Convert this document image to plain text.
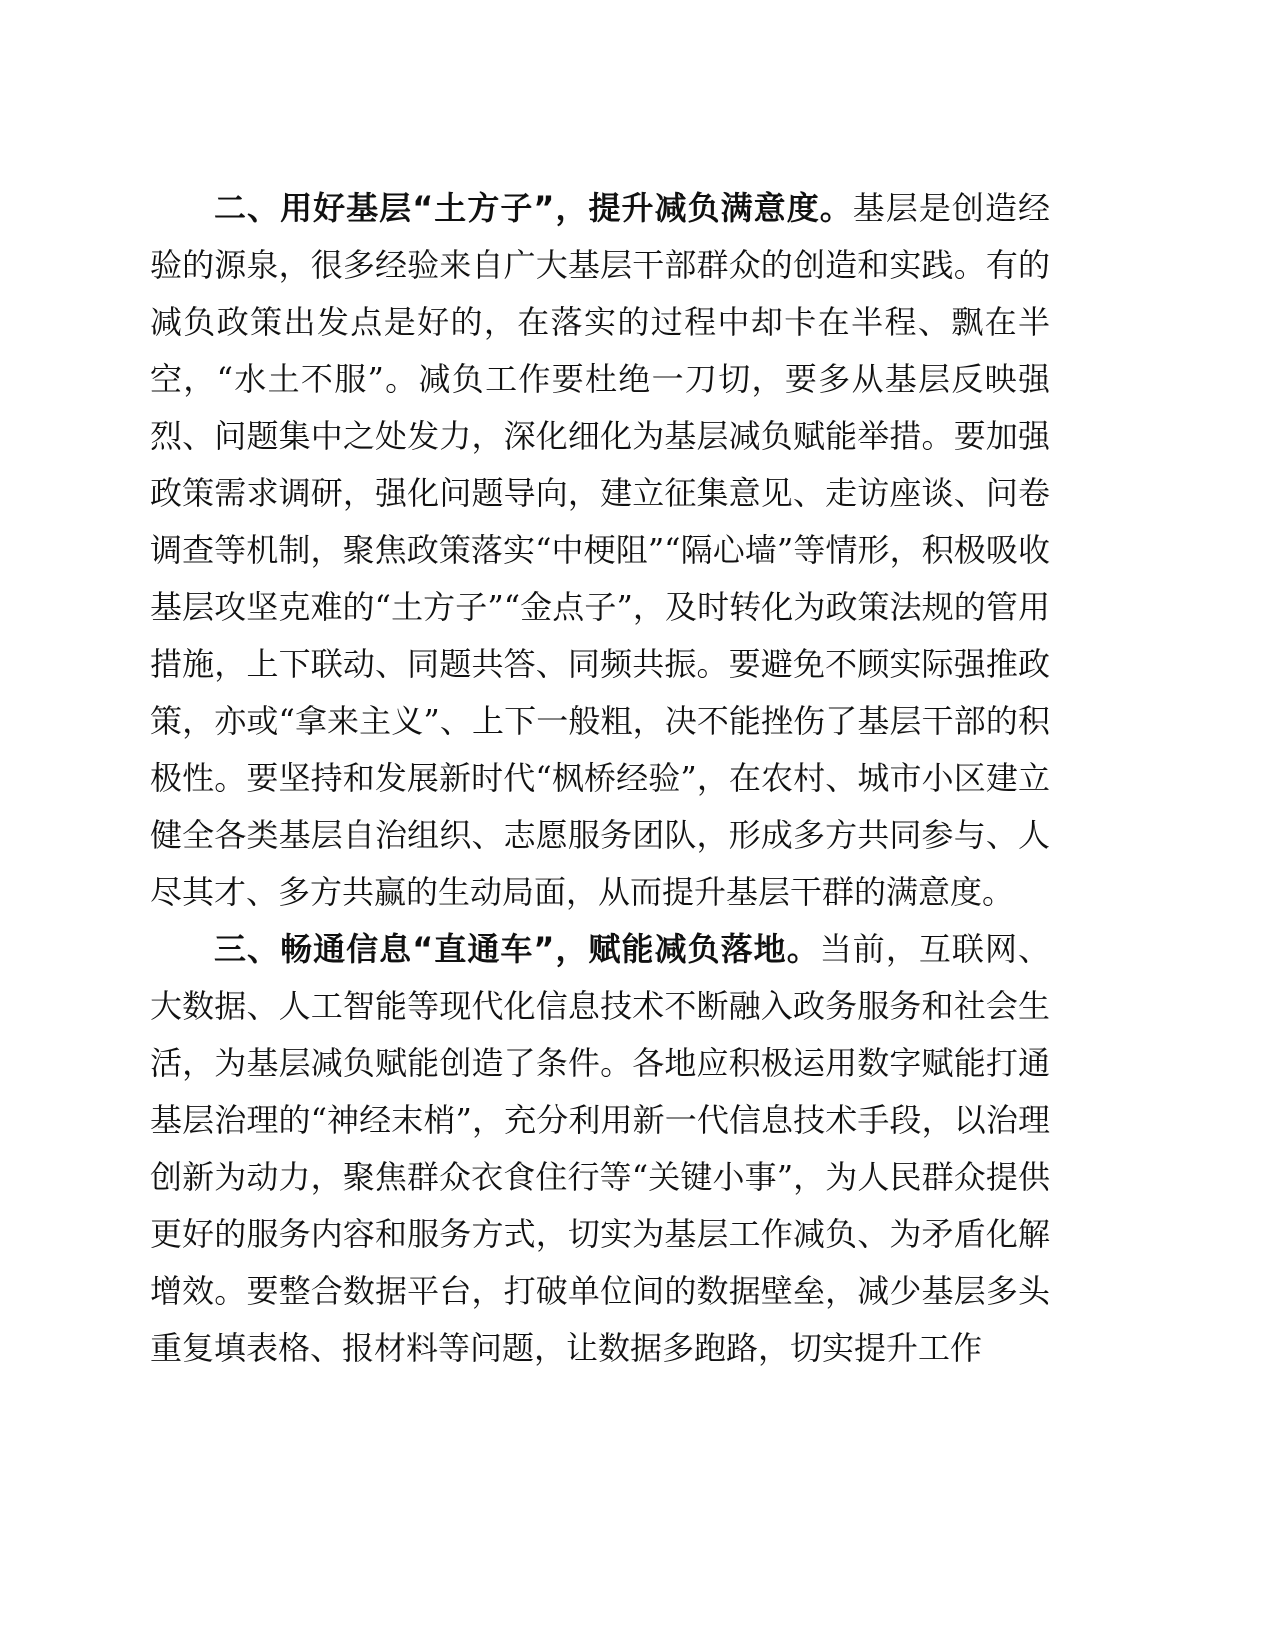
二、用好基层“土方子”，提升减负满意度。基层是创造经验的源泉，很多经验来自广大基层干部群众的创造和实践。有的减负政策出发点是好的，在落实的过程中却卡在半程、飘在半空，“水土不服”。减负工作要杜绝一刀切，要多从基层反映强烈、问题集中之处发力，深化细化为基层减负赋能举措。要加强政策需求调研，强化问题导向，建立征集意见、走访座谈、问卷调查等机制，聚焦政策落实“中梗阻”“隔心墙”等情形，积极吸收基层攻坚克难的“土方子”“金点子”，及时转化为政策法规的管用措施，上下联动、同题共答、同频共振。要避免不顾实际强推政策，亦或“拿来主义”、上下一般粗，决不能挫伤了基层干部的积极性。要坚持和发展新时代“枫桥经验”，在农村、城市小区建立健全各类基层自治组织、志愿服务团队，形成多方共同参与、人尽其才、多方共赢的生动局面，从而提升基层干群的满意度。

三、畅通信息“直通车”，赋能减负落地。当前，互联网、大数据、人工智能等现代化信息技术不断融入政务服务和社会生活，为基层减负赋能创造了条件。各地应积极运用数字赋能打通基层治理的“神经末梢”，充分利用新一代信息技术手段，以治理创新为动力，聚焦群众衣食住行等“关键小事”，为人民群众提供更好的服务内容和服务方式，切实为基层工作减负、为矛盾化解增效。要整合数据平台，打破单位间的数据壁垒，减少基层多头重复填表格、报材料等问题，让数据多跑路，切实提升工作
